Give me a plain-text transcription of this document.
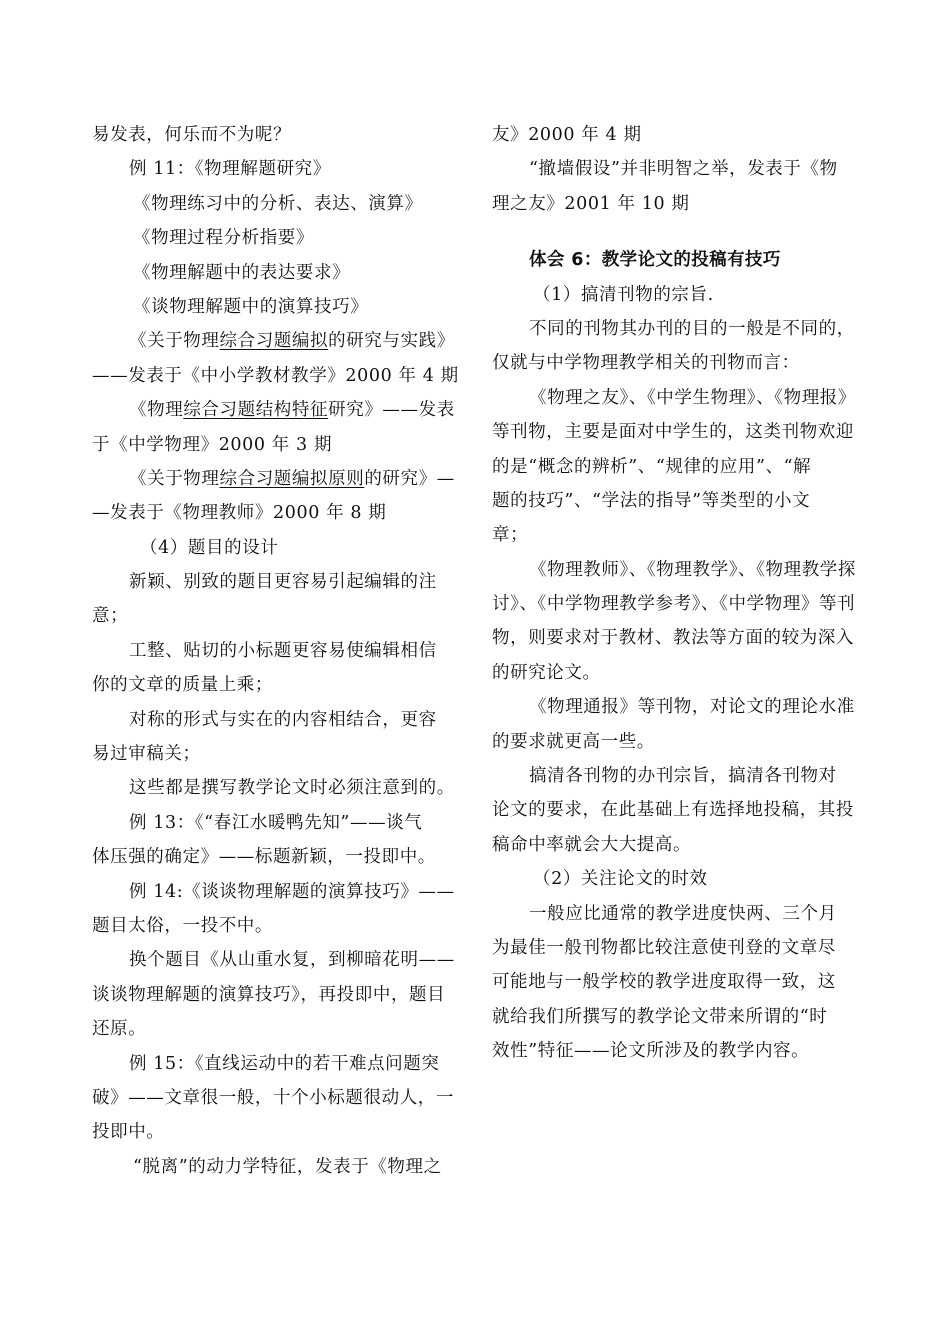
易发表，何乐而不为呢？
例 11：《物理解题研究》
《物理练习中的分析、表达、演算》
《物理过程分析指要》
《物理解题中的表达要求》
《谈物理解题中的演算技巧》
《关于物理综合习题编拟的研究与实践》
——发表于《中小学教材教学》2000 年 4 期
《物理综合习题结构特征研究》——发表
于《中学物理》2000 年 3 期
《关于物理综合习题编拟原则的研究》—
—发表于《物理教师》2000 年 8 期
（4）题目的设计
新颖、别致的题目更容易引起编辑的注
意；
工整、贴切的小标题更容易使编辑相信
你的文章的质量上乘；
对称的形式与实在的内容相结合，更容
易过审稿关；
这些都是撰写教学论文时必须注意到的。
例 13：《“春江水暖鸭先知”——谈气
体压强的确定》——标题新颖，一投即中。
例 14:《谈谈物理解题的演算技巧》——
题目太俗，一投不中。
换个题目《从山重水复，到柳暗花明——
谈谈物理解题的演算技巧》，再投即中，题目
还原。
例 15：《直线运动中的若干难点问题突
破》——文章很一般，十个小标题很动人，一
投即中。
“脱离”的动力学特征，发表于《物理之
友》2000 年 4 期
“撤墙假设”并非明智之举，发表于《物
理之友》2001 年 10 期
体会 6：教学论文的投稿有技巧
（1）搞清刊物的宗旨.
不同的刊物其办刊的目的一般是不同的，
仅就与中学物理教学相关的刊物而言：
《物理之友》、《中学生物理》、《物理报》
等刊物，主要是面对中学生的，这类刊物欢迎
的是“概念的辨析”、“规律的应用”、“解
题的技巧”、“学法的指导”等类型的小文
章；
《物理教师》、《物理教学》、《物理教学探
讨》、《中学物理教学参考》、《中学物理》等刊
物，则要求对于教材、教法等方面的较为深入
的研究论文。
《物理通报》等刊物，对论文的理论水准
的要求就更高一些。
搞清各刊物的办刊宗旨，搞清各刊物对
论文的要求，在此基础上有选择地投稿，其投
稿命中率就会大大提高。
（2）关注论文的时效
一般应比通常的教学进度快两、三个月
为最佳一般刊物都比较注意使刊登的文章尽
可能地与一般学校的教学进度取得一致，这
就给我们所撰写的教学论文带来所谓的“时
效性”特征——论文所涉及的教学内容。
